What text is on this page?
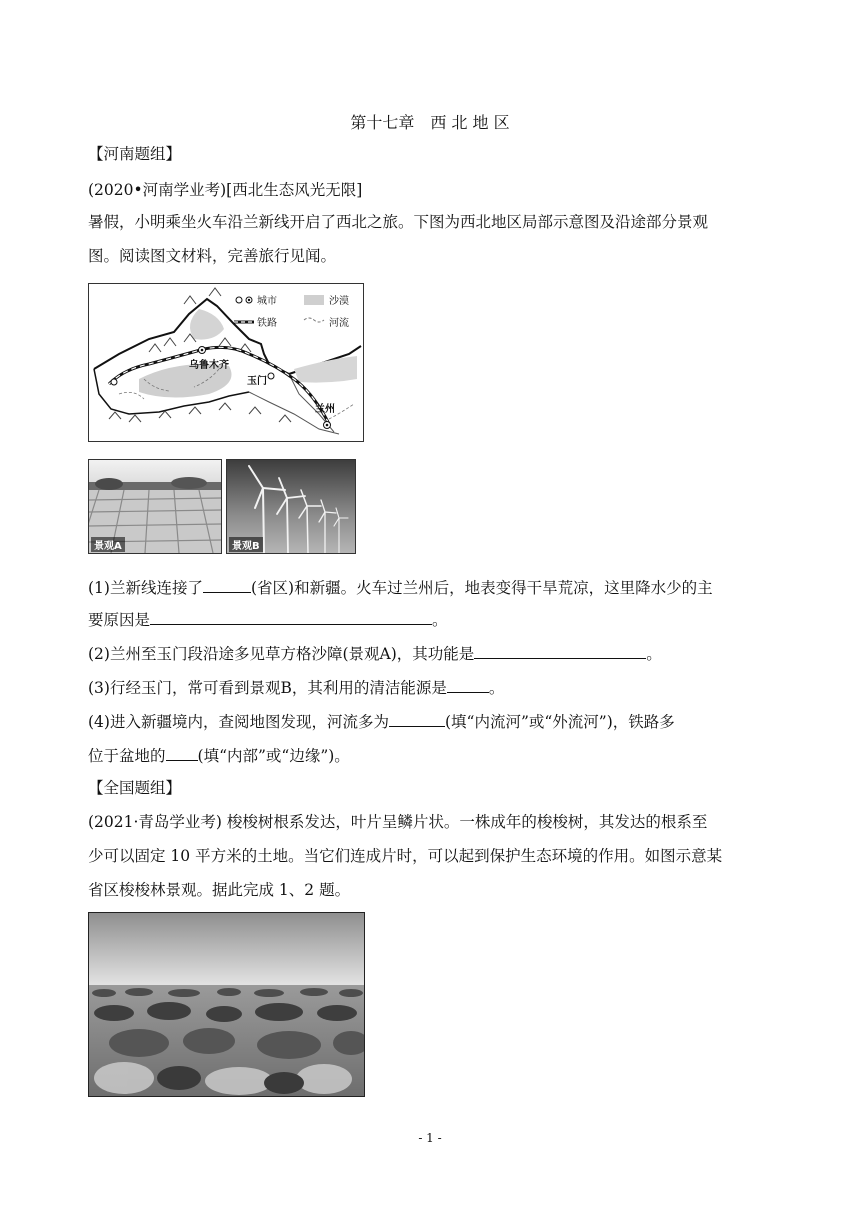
第十七章　西 北 地 区
【河南题组】
(2020•河南学业考)[西北生态风光无限]
暑假，小明乘坐火车沿兰新线开启了西北之旅。下图为西北地区局部示意图及沿途部分景观
图。阅读图文材料，完善旅行见闻。
城市	沙漠
铁路	河流
乌鲁木齐
玉门
兰州
景观A	景观B
(1)兰新线连接了	(省区)和新疆。火车过兰州后，地表变得干旱荒凉，这里降水少的主
要原因是	。
(2)兰州至玉门段沿途多见草方格沙障(景观A)，其功能是	。
(3)行经玉门，常可看到景观B，其利用的清洁能源是	。
(4)进入新疆境内，查阅地图发现，河流多为	(填“内流河”或“外流河”)，铁路多
位于盆地的 (填“内部”或“边缘”)。
【全国题组】
(2021·青岛学业考) 梭梭树根系发达，叶片呈鳞片状。一株成年的梭梭树，其发达的根系至
少可以固定 10 平方米的土地。当它们连成片时，可以起到保护生态环境的作用。如图示意某
省区梭梭林景观。据此完成 1、2 题。
- 1 -
